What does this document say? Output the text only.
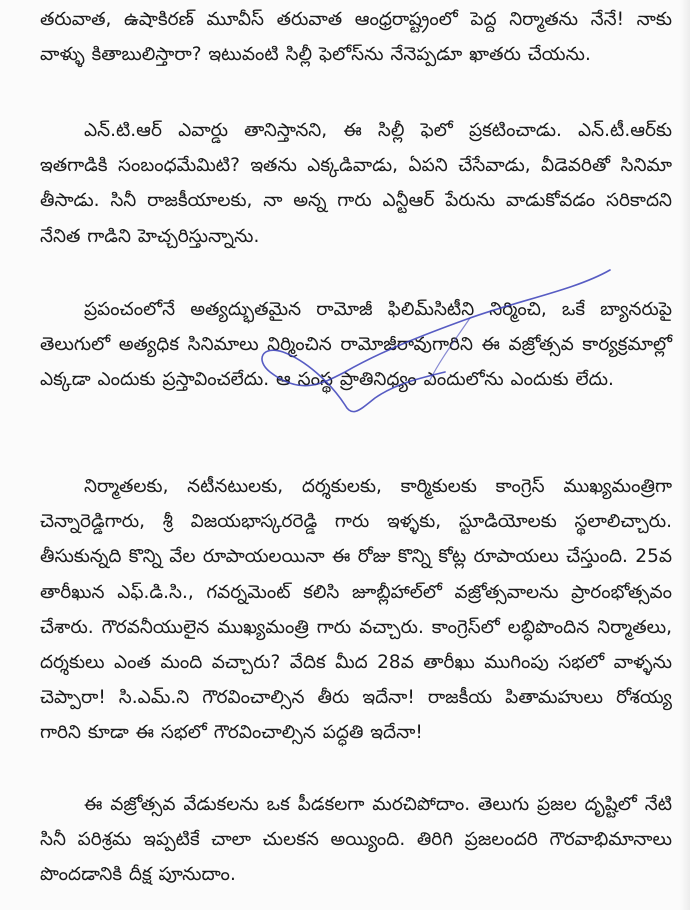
తరువాత, ఉషాకిరణ్ మూవీస్ తరువాత ఆంధ్రరాష్ట్రంలో పెద్ద నిర్మాతను నేనే! నాకు వాళ్ళు కితాబులిస్తారా? ఇటువంటి సిల్లీ ఫెలోస్‌ను నేనెప్పడూ ఖాతరు చేయను.

ఎన్.టి.ఆర్ ఎవార్డు తానిస్తానని, ఈ సిల్లీ ఫెలో ప్రకటించాడు. ఎన్.టీ.ఆర్‌కు ఇతగాడికి సంబంధమేమిటి? ఇతను ఎక్కడివాడు, ఏపని చేసేవాడు, వీడెవరితో సినిమా తీసాడు. సినీ రాజకీయాలకు, నా అన్న గారు ఎన్టీఆర్ పేరును వాడుకోవడం సరికాదని నేనిత గాడిని హెచ్చరిస్తున్నాను.

ప్రపంచంలోనే అత్యద్భుతమైన రామోజీ ఫిలిమ్‌సిటీని నిర్మించి, ఒకే బ్యానరుపై తెలుగులో అత్యధిక సినిమాలు నిర్మించిన రామోజీరావుగారిని ఈ వజ్రోత్సవ కార్యక్రమాల్లో ఎక్కడా ఎందుకు ప్రస్తావించలేదు. ఆ సంస్థ ప్రాతినిధ్యం ఎందులోను ఎందుకు లేదు.

నిర్మాతలకు, నటీనటులకు, దర్శకులకు, కార్మికులకు కాంగ్రెస్ ముఖ్యమంత్రిగా చెన్నారెడ్డిగారు, శ్రీ విజయభాస్కరరెడ్డి గారు ఇళ్ళకు, స్టూడియోలకు స్థలాలిచ్చారు. తీసుకున్నది కొన్ని వేల రూపాయలయినా ఈ రోజు కొన్ని కోట్ల రూపాయలు చేస్తుంది. 25వ తారీఖున ఎఫ్.డి.సి., గవర్నమెంట్ కలిసి జూబ్లీహాల్‌లో వజ్రోత్సవాలను ప్రారంభోత్సవం చేశారు. గౌరవనీయులైన ముఖ్యమంత్రి గారు వచ్చారు. కాంగ్రెస్‌లో లబ్ధిపొందిన నిర్మాతలు, దర్శకులు ఎంత మంది వచ్చారు? వేదిక మీద 28వ తారీఖు ముగింపు సభలో వాళ్ళను చెప్పారా! సి.ఎమ్.ని గౌరవించాల్సిన తీరు ఇదేనా! రాజకీయ పితామహులు రోశయ్య గారిని కూడా ఈ సభలో గౌరవించాల్సిన పద్ధతి ఇదేనా!

ఈ వజ్రోత్సవ వేడుకలను ఒక పీడకలగా మరచిపోదాం. తెలుగు ప్రజల దృష్టిలో నేటి సినీ పరిశ్రమ ఇప్పటికే చాలా చులకన అయ్యింది. తిరిగి ప్రజలందరి గౌరవాభిమానాలు పొందడానికి దీక్ష పూనుదాం.
